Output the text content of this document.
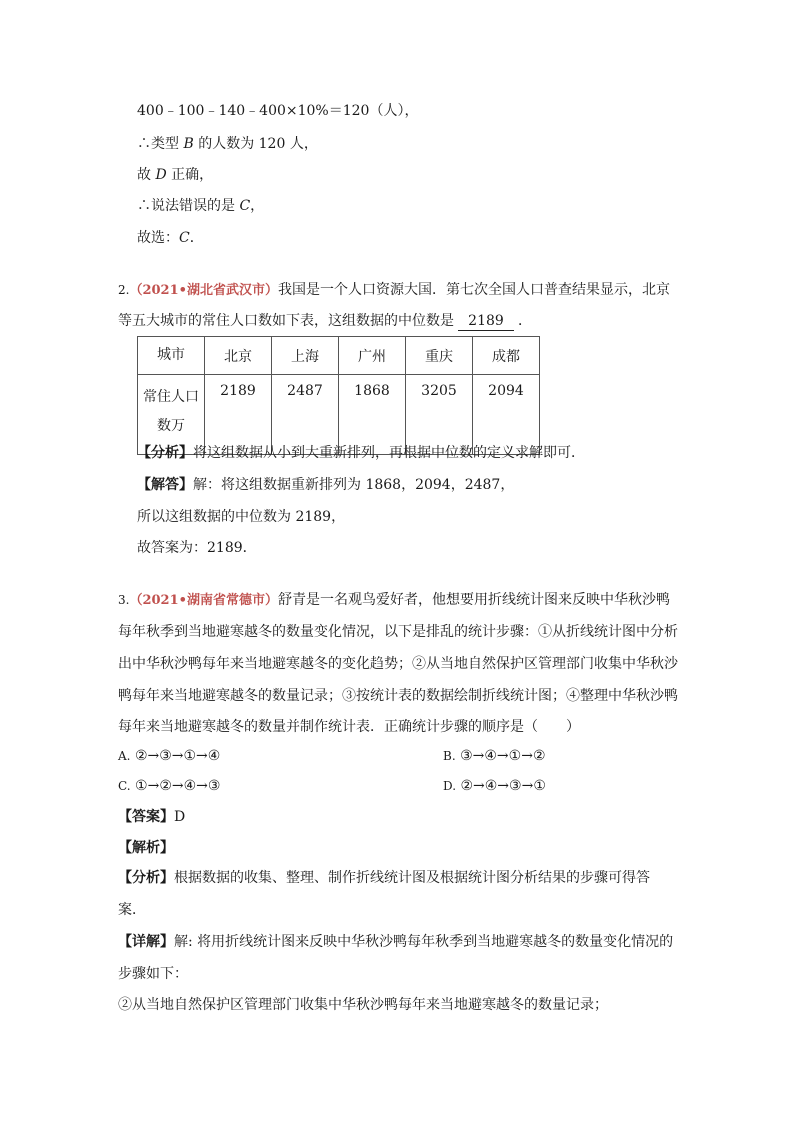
400﹣100﹣140﹣400×10%＝120（人），
∴类型 B 的人数为 120 人，
故 D 正确，
∴说法错误的是 C，
故选：C．
2.（2021•湖北省武汉市）我国是一个人口资源大国．第七次全国人口普查结果显示，北京
等五大城市的常住人口数如下表，这组数据的中位数是 2189 ．
城市	北京	上海	广州	重庆	成都
常住人口
数万	2189	2487	1868	3205	2094
【分析】将这组数据从小到大重新排列，再根据中位数的定义求解即可．
【解答】解：将这组数据重新排列为 1868，2094，2487，
所以这组数据的中位数为 2189，
故答案为：2189．
3.（2021•湖南省常德市）舒青是一名观鸟爱好者，他想要用折线统计图来反映中华秋沙鸭
每年秋季到当地避寒越冬的数量变化情况，以下是排乱的统计步骤：①从折线统计图中分析
出中华秋沙鸭每年来当地避寒越冬的变化趋势；②从当地自然保护区管理部门收集中华秋沙
鸭每年来当地避寒越冬的数量记录；③按统计表的数据绘制折线统计图；④整理中华秋沙鸭
每年来当地避寒越冬的数量并制作统计表．正确统计步骤的顺序是（　　）
A. ②→③→①→④	B. ③→④→①→②
C. ①→②→④→③	D. ②→④→③→①
【答案】D
【解析】
【分析】根据数据的收集、整理、制作折线统计图及根据统计图分析结果的步骤可得答
案．
【详解】解: 将用折线统计图来反映中华秋沙鸭每年秋季到当地避寒越冬的数量变化情况的
步骤如下：
②从当地自然保护区管理部门收集中华秋沙鸭每年来当地避寒越冬的数量记录；
